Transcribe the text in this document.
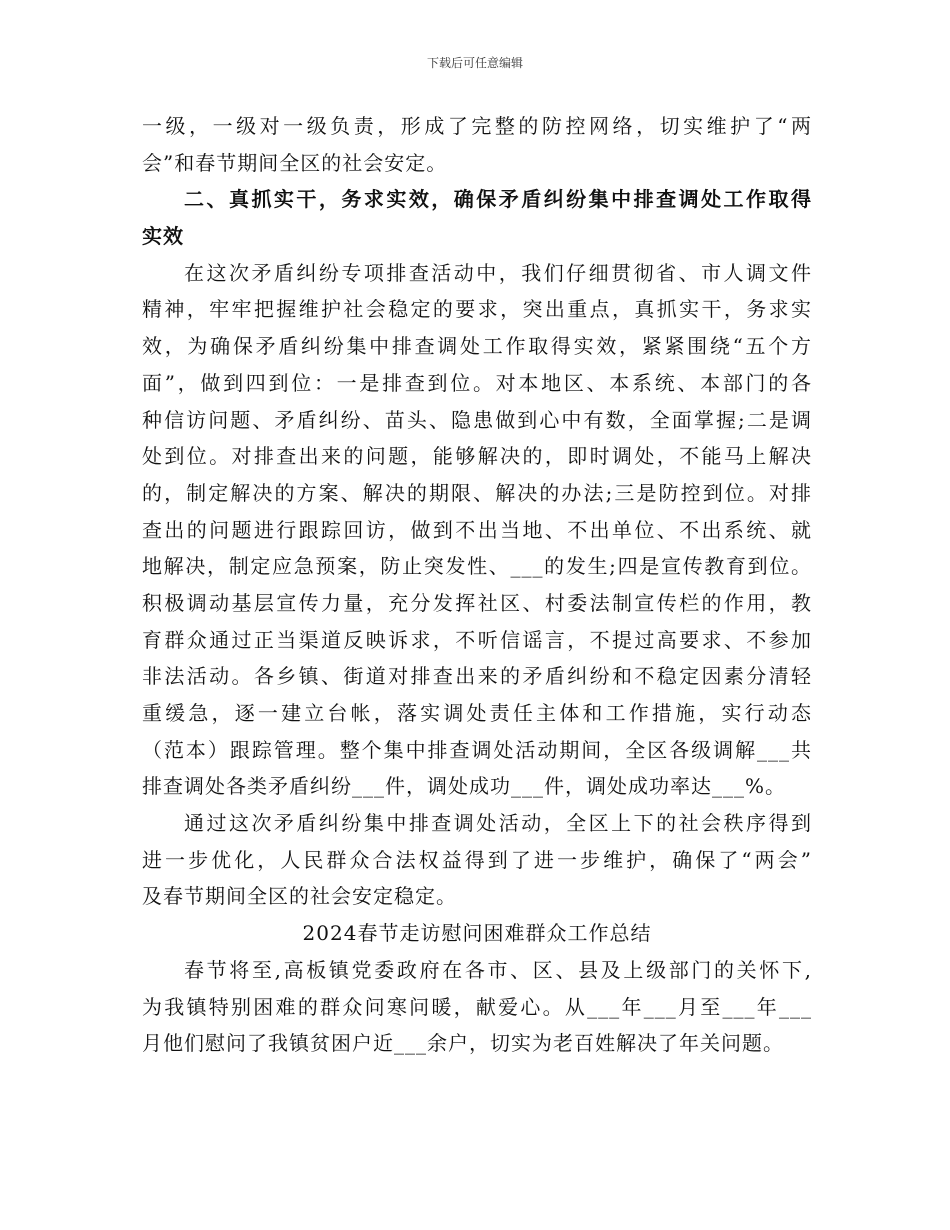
下载后可任意编辑
一级，一级对一级负责，形成了完整的防控网络，切实维护了“两
会”和春节期间全区的社会安定。
二、真抓实干，务求实效，确保矛盾纠纷集中排查调处工作取得
实效
在这次矛盾纠纷专项排查活动中，我们仔细贯彻省、市人调文件
精神，牢牢把握维护社会稳定的要求，突出重点，真抓实干，务求实
效，为确保矛盾纠纷集中排查调处工作取得实效，紧紧围绕“五个方
面”，做到四到位：一是排查到位。对本地区、本系统、本部门的各
种信访问题、矛盾纠纷、苗头、隐患做到心中有数，全面掌握;二是调
处到位。对排查出来的问题，能够解决的，即时调处，不能马上解决
的，制定解决的方案、解决的期限、解决的办法;三是防控到位。对排
查出的问题进行跟踪回访，做到不出当地、不出单位、不出系统、就
地解决，制定应急预案，防止突发性、___的发生;四是宣传教育到位。
积极调动基层宣传力量，充分发挥社区、村委法制宣传栏的作用，教
育群众通过正当渠道反映诉求，不听信谣言，不提过高要求、不参加
非法活动。各乡镇、街道对排查出来的矛盾纠纷和不稳定因素分清轻
重缓急，逐一建立台帐，落实调处责任主体和工作措施，实行动态
（范本）跟踪管理。整个集中排查调处活动期间，全区各级调解___共
排查调处各类矛盾纠纷___件，调处成功___件，调处成功率达___%。
通过这次矛盾纠纷集中排查调处活动，全区上下的社会秩序得到
进一步优化，人民群众合法权益得到了进一步维护，确保了“两会”
及春节期间全区的社会安定稳定。
2024春节走访慰问困难群众工作总结
春节将至,高板镇党委政府在各市、区、县及上级部门的关怀下,
为我镇特别困难的群众问寒问暖，献爱心。从___年___月至___年___
月他们慰问了我镇贫困户近___余户，切实为老百姓解决了年关问题。
